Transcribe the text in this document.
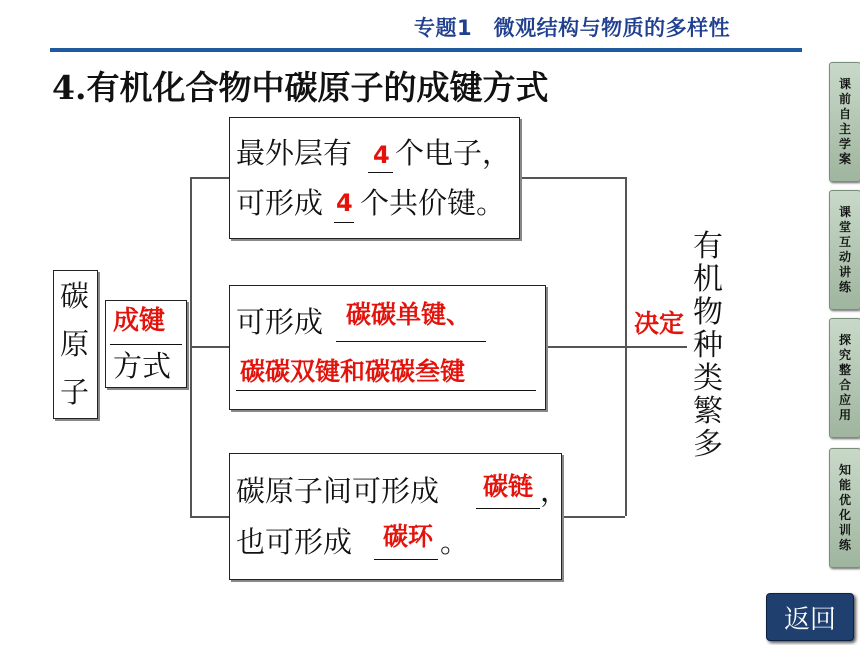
专题1　微观结构与物质的多样性
4.有机化合物中碳原子的成键方式
碳
原
子
成键
方式
最外层有 4 个电子，
可形成 4 个共价键。
可形成 碳碳单键、
碳碳双键和碳碳叁键
碳原子间可形成 碳链 ，
也可形成 碳环 。
决定
有
机
物
种
类
繁
多
课
前
自
主
学
案
课
堂
互
动
讲
练
探
究
整
合
应
用
知
能
优
化
训
练
返回
